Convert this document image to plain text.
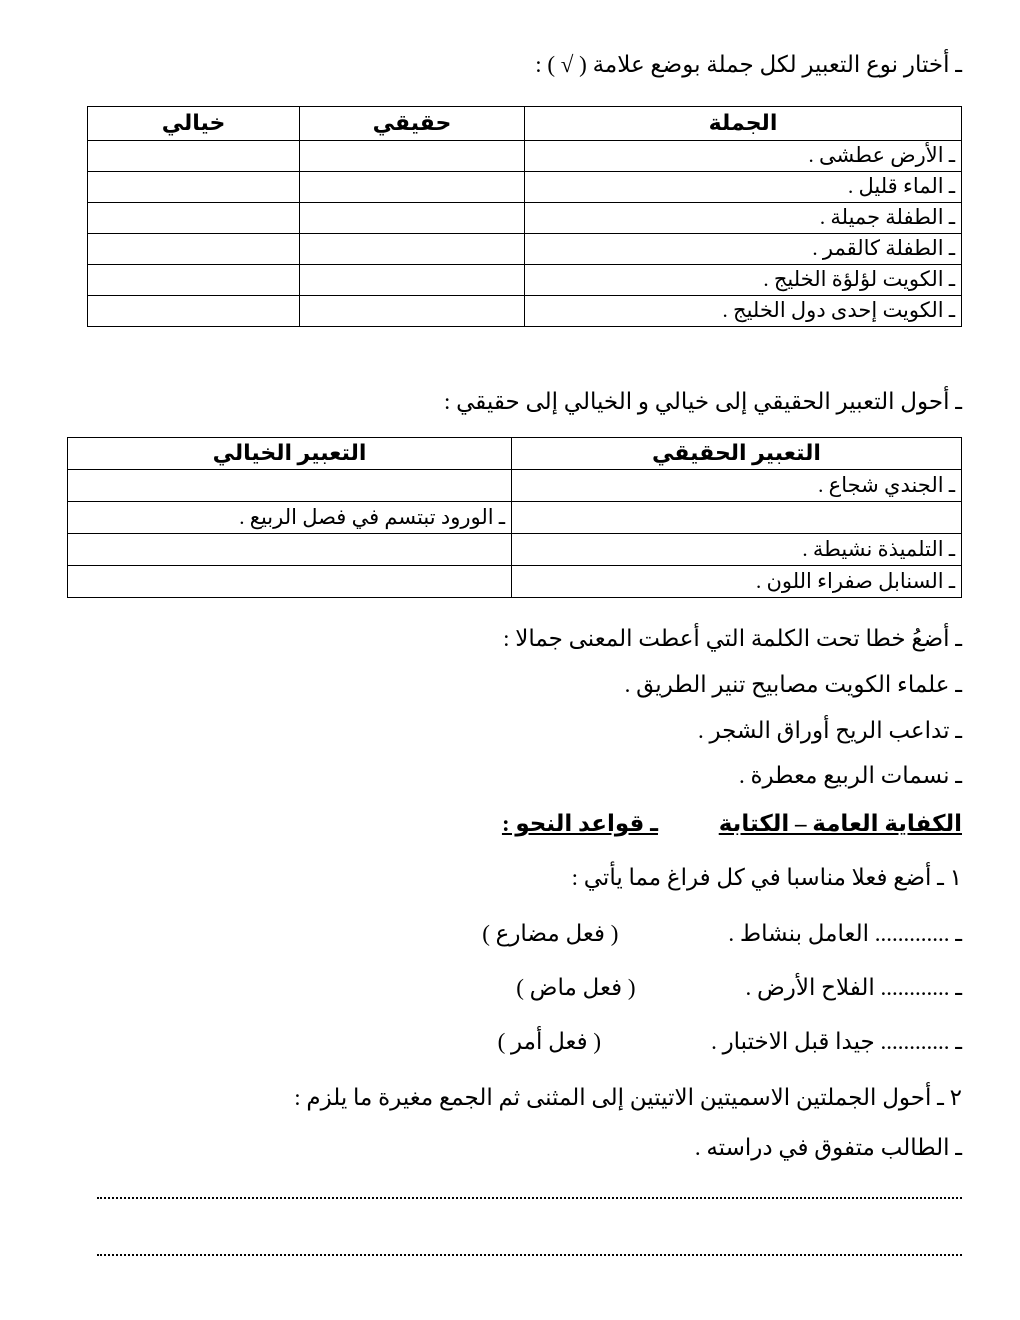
ـ أختار نوع التعبير لكل جملة بوضع علامة ( √ ) :
الجملة	حقيقي	خيالي
ـ الأرض عطشى .		
ـ الماء قليل .		
ـ الطفلة جميلة .		
ـ الطفلة كالقمر .		
ـ الكويت لؤلؤة الخليج .		
ـ الكويت إحدى دول الخليج .		
ـ أحول التعبير الحقيقي إلى خيالي و الخيالي إلى حقيقي :
التعبير الحقيقي	التعبير الخيالي
ـ الجندي شجاع .	
	ـ الورود تبتسم في فصل الربيع .
ـ التلميذة نشيطة .	
ـ السنابل صفراء اللون .	
ـ أضعُ خطا تحت الكلمة التي أعطت المعنى جمالا :
ـ علماء الكويت مصابيح تنير الطريق .
ـ تداعب الريح أوراق الشجر .
ـ نسمات الربيع معطرة .
الكفاية العامة – الكتابة ـ قواعد النحو :
١ ـ أضع فعلا مناسبا في كل فراغ مما يأتي :
ـ ............. العامل بنشاط .
( فعل مضارع )
ـ ............ الفلاح الأرض .
( فعل ماض )
ـ ............ جيدا قبل الاختبار .
( فعل أمر )
٢ ـ أحول الجملتين الاسميتين الاتيتين إلى المثنى ثم الجمع مغيرة ما يلزم :
ـ الطالب متفوق في دراسته .
